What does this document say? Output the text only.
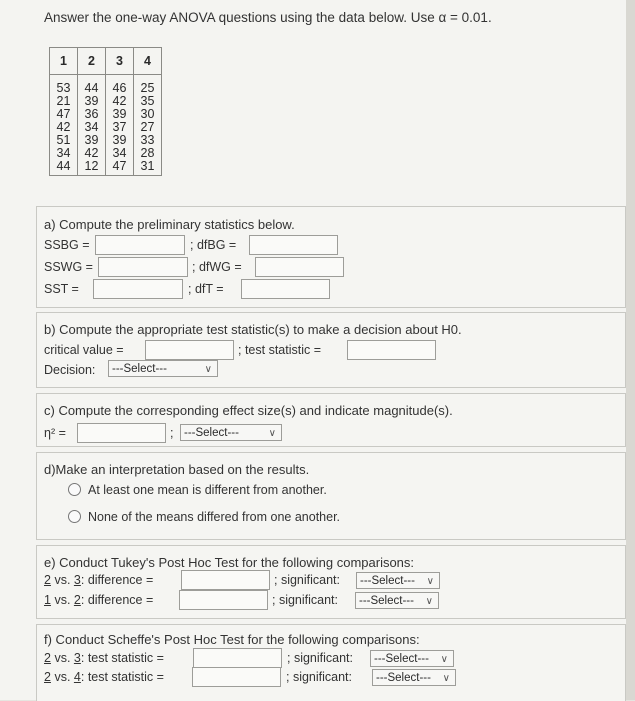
Answer the one-way ANOVA questions using the data below. Use α = 0.01.
1	2	3	4
53	44	46	25
21	39	42	35
47	36	39	30
42	34	37	27
51	39	39	33
34	42	34	28
44	12	47	31
a) Compute the preliminary statistics below.
SSBG =	; dfBG =
SSWG =	; dfWG =
SST =	; dfT =
b) Compute the appropriate test statistic(s) to make a decision about H0.
critical value =	; test statistic =
Decision:	---Select---	∨
c) Compute the corresponding effect size(s) and indicate magnitude(s).
η² =	; ---Select---	∨
d)Make an interpretation based on the results.
At least one mean is different from another.
None of the means differed from one another.
e) Conduct Tukey's Post Hoc Test for the following comparisons:
2 vs. 3: difference =	; significant:	---Select--- ∨
1 vs. 2: difference =	; significant:	---Select--- ∨
f) Conduct Scheffe's Post Hoc Test for the following comparisons:
2 vs. 3: test statistic =	; significant:	---Select--- ∨
2 vs. 4: test statistic =	; significant:	---Select--- ∨
